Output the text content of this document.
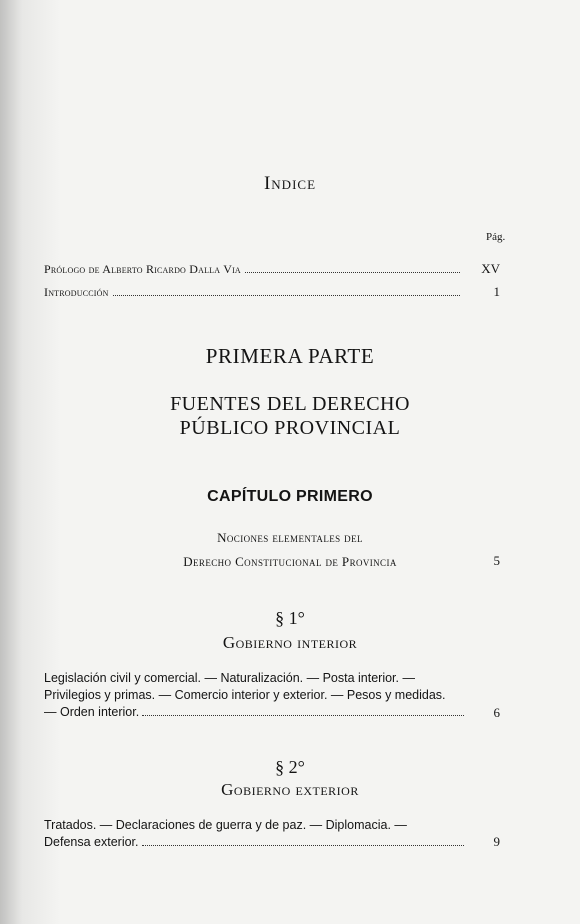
Indice
Pág.
Prólogo de Alberto Ricardo Dalla Via	XV
Introducción	1
PRIMERA PARTE
FUENTES DEL DERECHO
PÚBLICO PROVINCIAL
CAPÍTULO PRIMERO
Nociones elementales del
Derecho Constitucional de Provincia	5
§ 1°
Gobierno interior
Legislación civil y comercial. — Naturalización. — Posta interior. —
Privilegios y primas. — Comercio interior y exterior. — Pesos y medidas.
— Orden interior.	6
§ 2°
Gobierno exterior
Tratados. — Declaraciones de guerra y de paz. — Diplomacia. —
Defensa exterior.	9
